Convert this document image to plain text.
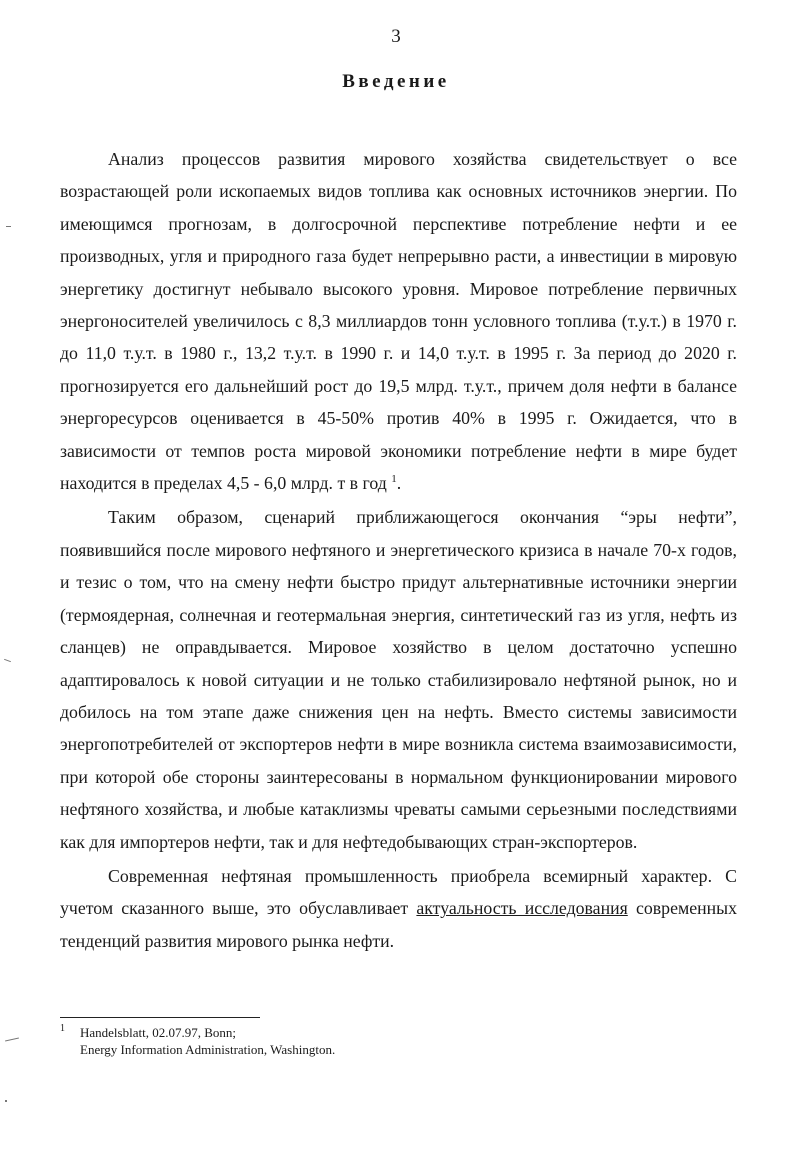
3
Введение

Анализ процессов развития мирового хозяйства свидетельствует о все возрастающей роли ископаемых видов топлива как основных источников энергии. По имеющимся прогнозам, в долгосрочной перспективе потребление нефти и ее производных, угля и природного газа будет непрерывно расти, а инвестиции в мировую энергетику достигнут небывало высокого уровня. Мировое потребление первичных энергоносителей увеличилось с 8,3 миллиардов тонн условного топлива (т.у.т.) в 1970 г. до 11,0 т.у.т. в 1980 г., 13,2 т.у.т. в 1990 г. и 14,0 т.у.т. в 1995 г. За период до 2020 г. прогнозируется его дальнейший рост до 19,5 млрд. т.у.т., причем доля нефти в балансе энергоресурсов оценивается в 45-50% против 40% в 1995 г. Ожидается, что в зависимости от темпов роста мировой экономики потребление нефти в мире будет находится в пределах 4,5 - 6,0 млрд. т в год $^1$.

Таким образом, сценарий приближающегося окончания “эры нефти”, появившийся после мирового нефтяного и энергетического кризиса в начале 70-х годов, и тезис о том, что на смену нефти быстро придут альтернативные источники энергии (термоядерная, солнечная и геотермальная энергия, синтетический газ из угля, нефть из сланцев) не оправдывается. Мировое хозяйство в целом достаточно успешно адаптировалось к новой ситуации и не только стабилизировало нефтяной рынок, но и добилось на том этапе даже снижения цен на нефть. Вместо системы зависимости энергопотребителей от экспортеров нефти в мире возникла система взаимозависимости, при которой обе стороны заинтересованы в нормальном функционировании мирового нефтяного хозяйства, и любые катаклизмы чреваты самыми серьезными последствиями как для импортеров нефти, так и для нефтедобывающих стран-экспортеров.

Современная нефтяная промышленность приобрела всемирный характер. С учетом сказанного выше, это обуславливает актуальность исследования современных тенденций развития мирового рынка нефти.

1 Handelsblatt, 02.07.97, Bonn;
Energy Information Administration, Washington.
